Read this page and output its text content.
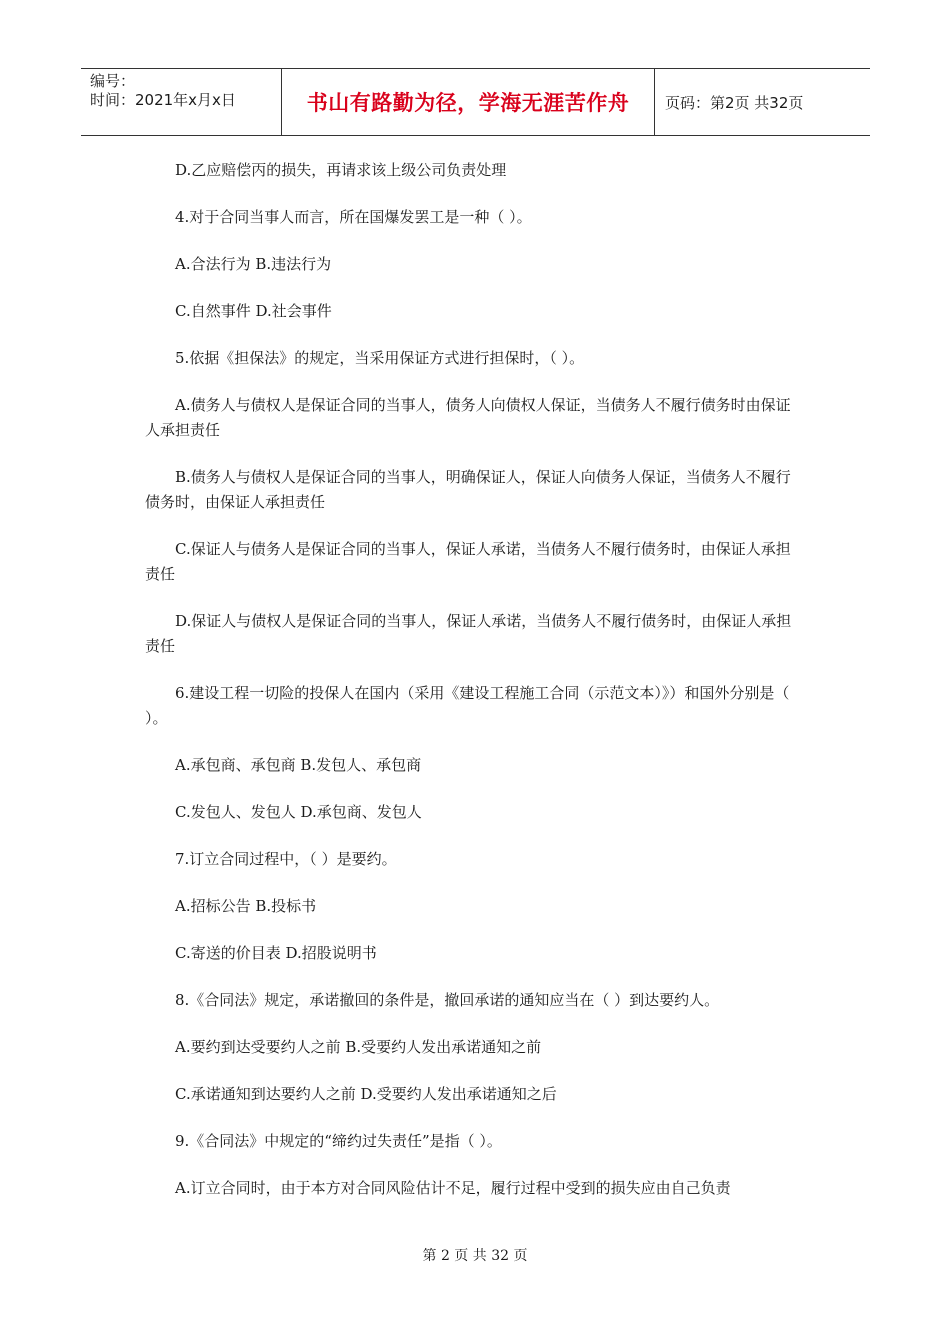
编号：
时间：2021年x月x日	书山有路勤为径，学海无涯苦作舟	页码：第2页 共32页

D.乙应赔偿丙的损失，再请求该上级公司负责处理

4.对于合同当事人而言，所在国爆发罢工是一种（ ）。

A.合法行为 B.违法行为

C.自然事件 D.社会事件

5.依据《担保法》的规定，当采用保证方式进行担保时，（ ）。

A.债务人与债权人是保证合同的当事人，债务人向债权人保证，当债务人不履行债务时由保证人承担责任

B.债务人与债权人是保证合同的当事人，明确保证人，保证人向债务人保证，当债务人不履行债务时，由保证人承担责任

C.保证人与债务人是保证合同的当事人，保证人承诺，当债务人不履行债务时，由保证人承担责任

D.保证人与债权人是保证合同的当事人，保证人承诺，当债务人不履行债务时，由保证人承担责任

6.建设工程一切险的投保人在国内（采用《建设工程施工合同（示范文本）》）和国外分别是（ ）。

A.承包商、承包商 B.发包人、承包商

C.发包人、发包人 D.承包商、发包人

7.订立合同过程中，（ ）是要约。

A.招标公告 B.投标书

C.寄送的价目表 D.招股说明书

8.《合同法》规定，承诺撤回的条件是，撤回承诺的通知应当在（ ）到达要约人。

A.要约到达受要约人之前 B.受要约人发出承诺通知之前

C.承诺通知到达要约人之前 D.受要约人发出承诺通知之后

9.《合同法》中规定的“缔约过失责任”是指（ ）。

A.订立合同时，由于本方对合同风险估计不足，履行过程中受到的损失应由自己负责

第 2 页 共 32 页
